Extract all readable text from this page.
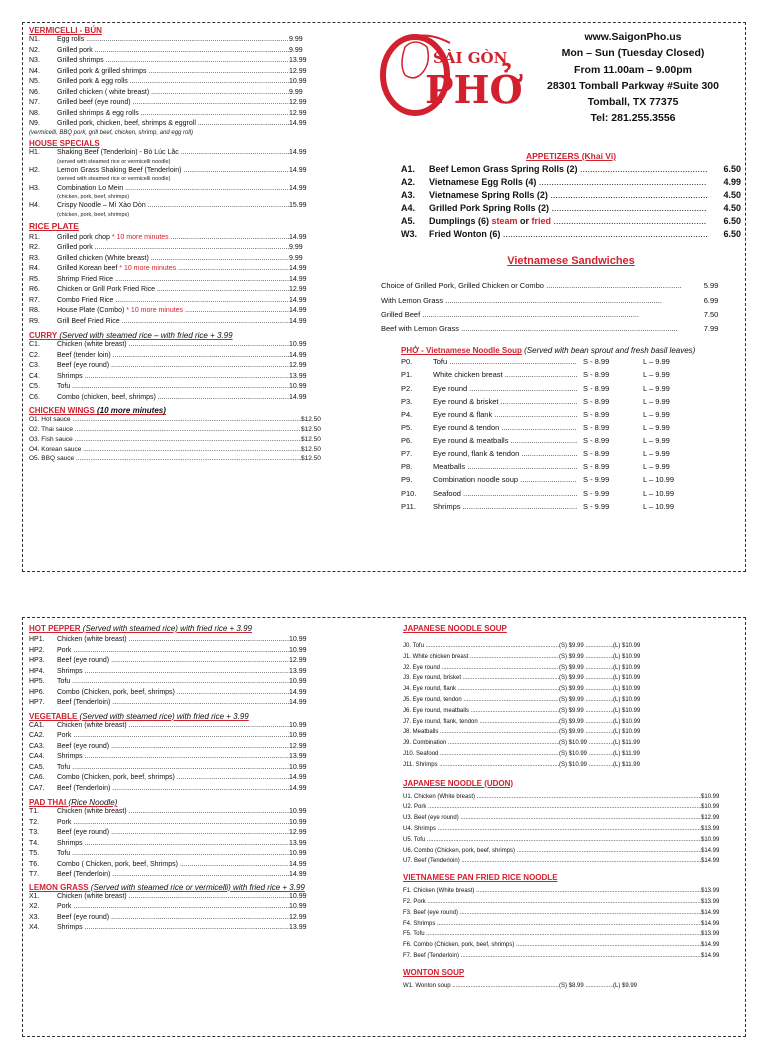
VERMICELLI - BÚN
N1.	Egg rolls .....	9.99
N2.	Grilled pork .....	9.99
N3.	Grilled shrimps .....	13.99
N4.	Grilled pork & grilled shrimps .....	12.99
N5.	Grilled pork & egg rolls .....	10.99
N6.	Grilled chicken ( white breast) .....	9.99
N7.	Grilled beef (eye round) .....	12.99
N8.	Grilled shrimps & egg rolls .....	12.99
N9.	Grilled pork, chicken, beef, shrimps & eggroll .....	14.99
(vermicelli, BBQ pork, grill beef, chicken, shrimp, and egg roll)
HOUSE SPECIALS
H1.	Shaking Beef (Tenderloin) - Bò Lúc Lắc .....	14.99
(served with steamed rice or vermicelli noodle)
H2.	Lemon Grass Shaking Beef (Tenderloin) .....	14.99
(served with steamed rice or vermicelli noodle)
H3.	Combination Lo Mein .....	14.99
(chicken, pork, beef, shrimps)
H4.	Crispy Noodle – Mì Xào Dòn .....	15.99
(chicken, pork, beef, shrimps)
RICE PLATE
R1.	Grilled pork chop * 10 more minutes .....	14.99
R2.	Grilled pork .....	9.99
R3.	Grilled chicken (White breast) .....	9.99
R4.	Grilled Korean beef * 10 more minutes .....	14.99
R5.	Shrimp Fried Rice .....	14.99
R6.	Chicken or Grill Pork Fried Rice .....	12.99
R7.	Combo Fried Rice .....	14.99
R8.	House Plate (Combo) * 10 more minutes .....	14.99
R9.	Grill Beef Fried Rice .....	14.99
CURRY (Served with steamed rice – with fried rice + 3.99
C1.	Chicken (white breast) .....	10.99
C2.	Beef (tender loin) .....	14.99
C3.	Beef (eye round) .....	12.99
C4.	Shrimps .....	13.99
C5.	Tofu .....	10.99
C6.	Combo (chicken, beef, shrimps) .....	14.99
CHICKEN WINGS (10 more minutes)
O1. Hot sauce .....	$12.50
O2. Thai sauce .....	$12.50
O3. Fish sauce .....	$12.50
O4. Korean sauce .....	$12.50
O5. BBQ sauce .....	$12.50
SÀI GÒN
PHỞ
www.SaigonPho.us
Mon – Sun (Tuesday Closed)
From 11.00am – 9.00pm
28301 Tomball Parkway #Suite 300
Tomball, TX 77375
Tel: 281.255.3556
APPETIZERS (Khai Vi)
A1.	Beef Lemon Grass Spring Rolls (2) .....	6.50
A2.	Vietnamese Egg Rolls (4) .....	4.99
A3.	Vietnamese Spring Rolls (2) .....	4.50
A4.	Grilled Pork Spring Rolls (2) .....	4.50
A5.	Dumplings (6) steam or fried .....	6.50
W3.	Fried Wonton (6) .....	6.50
Vietnamese Sandwiches
Choice of Grilled Pork, Grilled Chicken or Combo .....	5.99
With Lemon Grass .....	6.99
Grilled Beef .....	7.50
Beef with Lemon Grass .....	7.99
PHỞ - Vietnamese Noodle Soup (Served with bean sprout and fresh basil leaves)
P0.	Tofu .....	S - 8.99	L – 9.99
P1.	White chicken breast .....	S - 8.99	L – 9.99
P2.	Eye round .....	S - 8.99	L – 9.99
P3.	Eye round & brisket .....	S - 8.99	L – 9.99
P4.	Eye round & flank .....	S - 8.99	L – 9.99
P5.	Eye round & tendon .....	S - 8.99	L – 9.99
P6.	Eye round & meatballs .....	S - 8.99	L – 9.99
P7.	Eye round, flank & tendon .....	S - 8.99	L – 9.99
P8.	Meatballs .....	S - 8.99	L – 9.99
P9.	Combination noodle soup .....	S - 9.99	L – 10.99
P10.	Seafood .....	S - 9.99	L – 10.99
P11.	Shrimps .....	S - 9.99	L – 10.99
HOT PEPPER (Served with steamed rice) with fried rice + 3.99
HP1.	Chicken (white breast) .....	10.99
HP2.	Pork .....	10.99
HP3.	Beef (eye round) .....	12.99
HP4.	Shrimps .....	13.99
HP5.	Tofu .....	10.99
HP6.	Combo (Chicken, pork, beef, shrimps) .....	14.99
HP7.	Beef (Tenderloin) .....	14.99
VEGETABLE (Served with steamed rice) with fried rice + 3.99
CA1.	Chicken (white breast) .....	10.99
CA2.	Pork .....	10.99
CA3.	Beef (eye round) .....	12.99
CA4.	Shrimps .....	13.99
CA5.	Tofu .....	10.99
CA6.	Combo (Chicken, pork, beef, shrimps) .....	14.99
CA7.	Beef (Tenderloin) .....	14.99
PAD THAI (Rice Noodle)
T1.	Chicken (white breast) .....	10.99
T2.	Pork .....	10.99
T3.	Beef (eye round) .....	12.99
T4.	Shrimps .....	13.99
T5.	Tofu .....	10.99
T6.	Combo ( Chicken, pork, beef, Shrimps) .....	14.99
T7.	Beef (Tenderloin) .....	14.99
LEMON GRASS (Served with steamed rice or vermicelli) with fried rice + 3.99
X1.	Chicken (white breast) .....	10.99
X2.	Pork .....	10.99
X3.	Beef (eye round) .....	12.99
X4.	Shrimps .....	13.99
JAPANESE NOODLE SOUP
J0. Tofu .....	(S) $9.99 .....	(L) $10.99
J1. White chicken breast .....	(S) $9.99 .....	(L) $10.99
J2. Eye round .....	(S) $9.99 .....	(L) $10.99
J3. Eye round, brisket .....	(S) $9.99 .....	(L) $10.99
J4. Eye round, flank .....	(S) $9.99 .....	(L) $10.99
J5. Eye round, tendon .....	(S) $9.99 .....	(L) $10.99
J6. Eye round, meatballs .....	(S) $9.99 .....	(L) $10.99
J7. Eye round, flank, tendon .....	(S) $9.99 .....	(L) $10.99
J8. Meatballs .....	(S) $9.99 .....	(L) $10.99
J9. Combination .....	(S) $10.99 .....	(L) $11.99
J10. Seafood .....	(S) $10.99 .....	(L) $11.99
J11. Shrimps .....	(S) $10.99 .....	(L) $11.99
JAPANESE NOODLE (UDON)
U1. Chicken (White breast) .....	$10.99
U2. Pork .....	$10.99
U3. Beef (eye round) .....	$12.99
U4. Shrimps .....	$13.99
U5. Tofu .....	$10.99
U6. Combo (Chicken, pork, beef, shrimps) .....	$14.99
U7. Beef (Tenderloin) .....	$14.99
VIETNAMESE PAN FRIED RICE NOODLE
F1. Chicken (White breast) .....	$13.99
F2. Pork .....	$13.99
F3. Beef (eye round) .....	$14.99
F4. Shrimps .....	$14.99
F5. Tofu .....	$13.99
F6. Combo (Chicken, pork, beef, shrimps) .....	$14.99
F7. Beef (Tenderloin) .....	$14.99
WONTON SOUP
W1. Wonton soup .....	(S) $8.99 .....	(L) $9.99
